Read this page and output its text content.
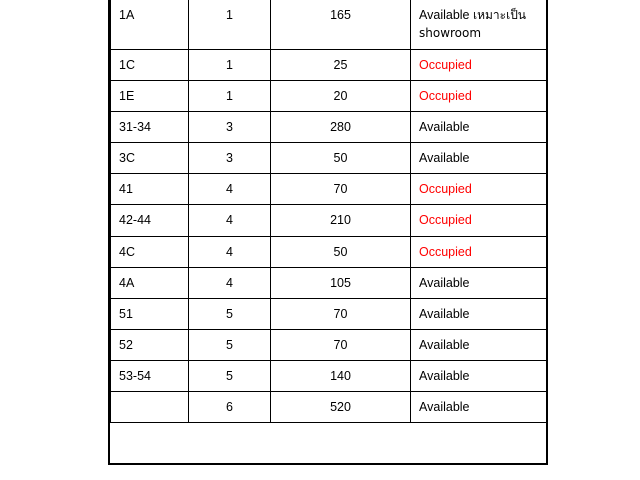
1A	1	165	Available เหมาะเป็น showroom
1C	1	25	Occupied
1E	1	20	Occupied
31-34	3	280	Available
3C	3	50	Available
41	4	70	Occupied
42-44	4	210	Occupied
4C	4	50	Occupied
4A	4	105	Available
51	5	70	Available
52	5	70	Available
53-54	5	140	Available
	6	520	Available
